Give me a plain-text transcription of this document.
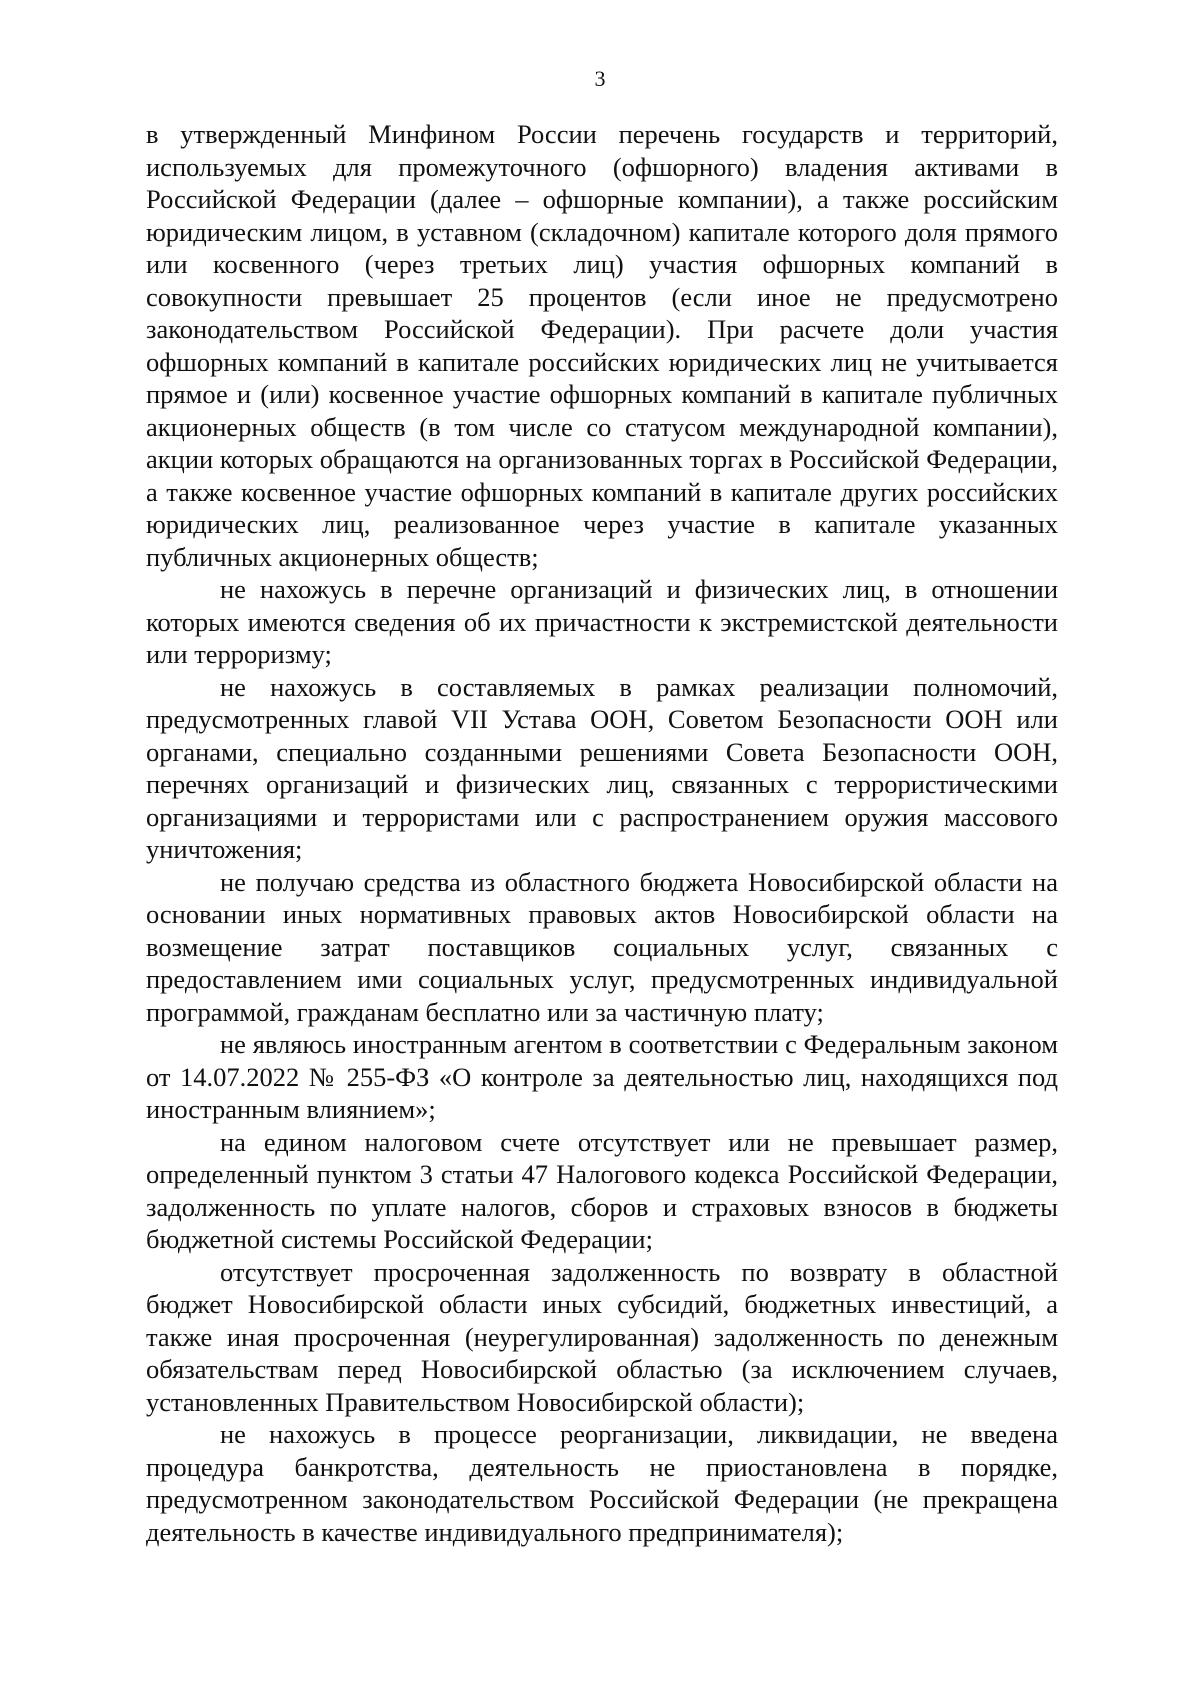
3

в утвержденный Минфином России перечень государств и территорий, используемых для промежуточного (офшорного) владения активами в Российской Федерации (далее – офшорные компании), а также российским юридическим лицом, в уставном (складочном) капитале которого доля прямого или косвенного (через третьих лиц) участия офшорных компаний в совокупности превышает 25 процентов (если иное не предусмотрено законодательством Российской Федерации). При расчете доли участия офшорных компаний в капитале российских юридических лиц не учитывается прямое и (или) косвенное участие офшорных компаний в капитале публичных акционерных обществ (в том числе со статусом международной компании), акции которых обращаются на организованных торгах в Российской Федерации, а также косвенное участие офшорных компаний в капитале других российских юридических лиц, реализованное через участие в капитале указанных публичных акционерных обществ;

не нахожусь в перечне организаций и физических лиц, в отношении которых имеются сведения об их причастности к экстремистской деятельности или терроризму;

не нахожусь в составляемых в рамках реализации полномочий, предусмотренных главой VII Устава ООН, Советом Безопасности ООН или органами, специально созданными решениями Совета Безопасности ООН, перечнях организаций и физических лиц, связанных с террористическими организациями и террористами или с распространением оружия массового уничтожения;

не получаю средства из областного бюджета Новосибирской области на основании иных нормативных правовых актов Новосибирской области на возмещение затрат поставщиков социальных услуг, связанных с предоставлением ими социальных услуг, предусмотренных индивидуальной программой, гражданам бесплатно или за частичную плату;

не являюсь иностранным агентом в соответствии с Федеральным законом от 14.07.2022 № 255-ФЗ «О контроле за деятельностью лиц, находящихся под иностранным влиянием»;

на едином налоговом счете отсутствует или не превышает размер, определенный пунктом 3 статьи 47 Налогового кодекса Российской Федерации, задолженность по уплате налогов, сборов и страховых взносов в бюджеты бюджетной системы Российской Федерации;

отсутствует просроченная задолженность по возврату в областной бюджет Новосибирской области иных субсидий, бюджетных инвестиций, а также иная просроченная (неурегулированная) задолженность по денежным обязательствам перед Новосибирской областью (за исключением случаев, установленных Правительством Новосибирской области);

не нахожусь в процессе реорганизации, ликвидации, не введена процедура банкротства, деятельность не приостановлена в порядке, предусмотренном законодательством Российской Федерации (не прекращена деятельность в качестве индивидуального предпринимателя);
